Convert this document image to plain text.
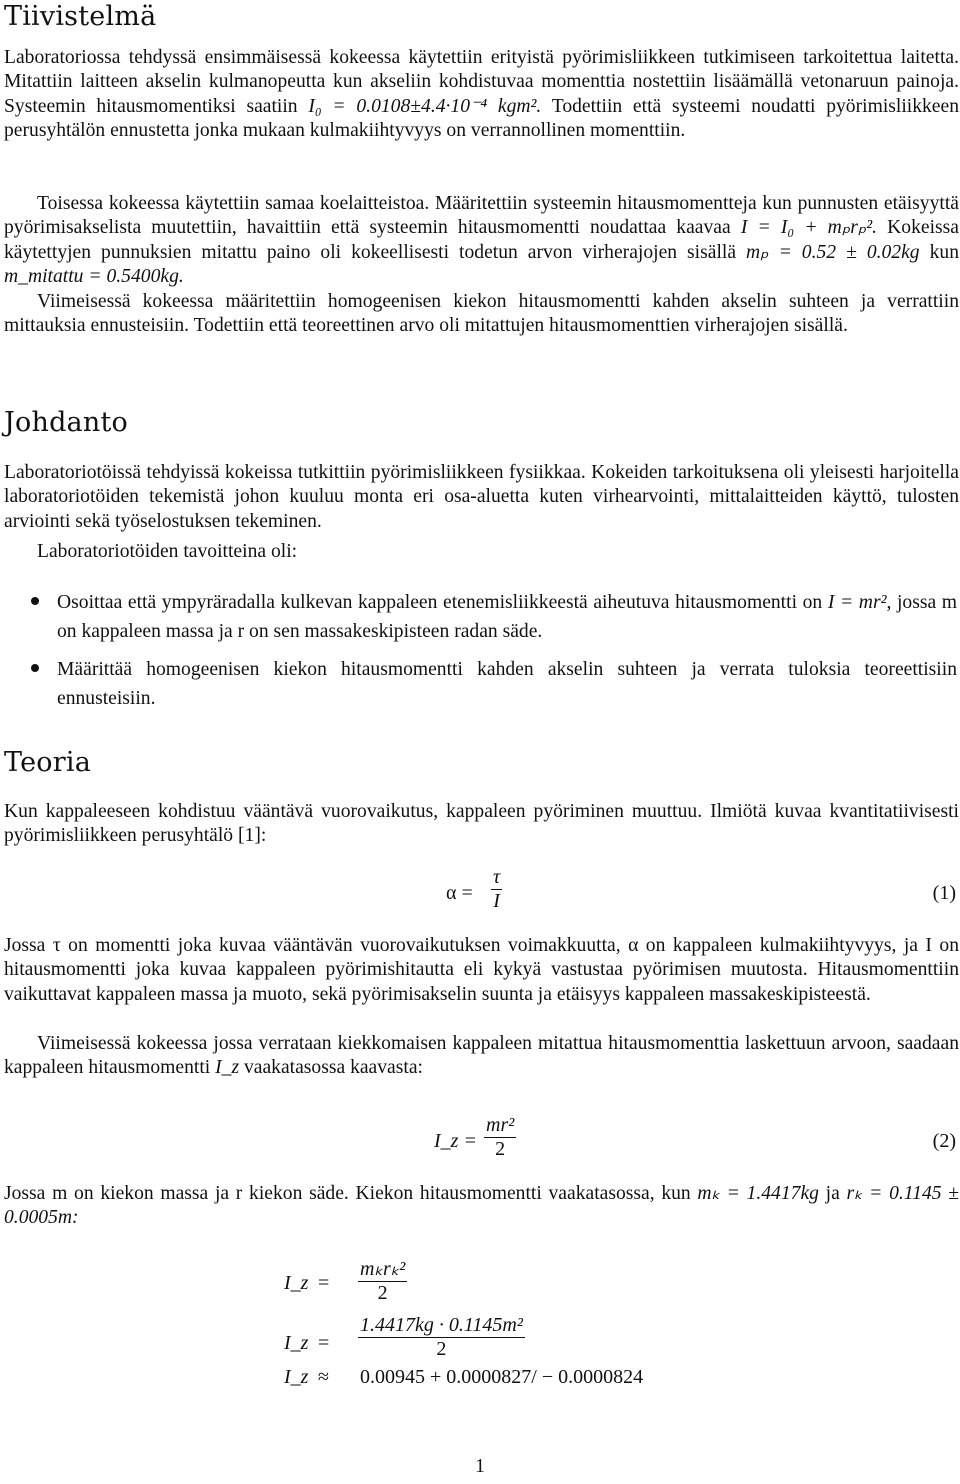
Tiivistelmä

Laboratoriossa tehdyssä ensimmäisessä kokeessa käytettiin erityistä pyörimisliikkeen tutkimiseen tarkoitettua laitetta. Mitattiin laitteen akselin kulmanopeutta kun akseliin kohdistuvaa momenttia nostettiin lisäämällä vetonaruun painoja. Systeemin hitausmomentiksi saatiin I₀ = 0.0108±4.4·10⁻⁴ kgm². Todettiin että systeemi noudatti pyörimisliikkeen perusyhtälön ennustetta jonka mukaan kulmakiihtyvyys on verrannollinen momenttiin.

Toisessa kokeessa käytettiin samaa koelaitteistoa. Määritettiin systeemin hitausmomentteja kun punnusten etäisyyttä pyörimisakselista muutettiin, havaittiin että systeemin hitausmomentti noudattaa kaavaa I = I₀ + mₚrₚ². Kokeissa käytettyjen punnuksien mitattu paino oli kokeellisesti todetun arvon virherajojen sisällä mₚ = 0.52 ± 0.02kg kun m_mitattu = 0.5400kg.

Viimeisessä kokeessa määritettiin homogeenisen kiekon hitausmomentti kahden akselin suhteen ja verrattiin mittauksia ennusteisiin. Todettiin että teoreettinen arvo oli mitattujen hitausmomenttien virherajojen sisällä.

Johdanto

Laboratoriotöissä tehdyissä kokeissa tutkittiin pyörimisliikkeen fysiikkaa. Kokeiden tarkoituksena oli yleisesti harjoitella laboratoriotöiden tekemistä johon kuuluu monta eri osa-aluetta kuten virhearvointi, mittalaitteiden käyttö, tulosten arviointi sekä työselostuksen tekeminen.

Laboratoriotöiden tavoitteina oli:

Osoittaa että ympyräradalla kulkevan kappaleen etenemisliikkeestä aiheutuva hitausmomentti on I = mr², jossa m on kappaleen massa ja r on sen massakeskipisteen radan säde.
Määrittää homogeenisen kiekon hitausmomentti kahden akselin suhteen ja verrata tuloksia teoreettisiin ennusteisiin.
Teoria

Kun kappaleeseen kohdistuu vääntävä vuorovaikutus, kappaleen pyöriminen muuttuu. Ilmiötä kuvaa kvantitatiivisesti pyörimisliikkeen perusyhtälö [1]:

$\alpha = \frac{\tau}{I}$	(1)

Jossa τ on momentti joka kuvaa vääntävän vuorovaikutuksen voimakkuutta, α on kappaleen kulmakiihtyvyys, ja I on hitausmomentti joka kuvaa kappaleen pyörimishitautta eli kykyä vastustaa pyörimisen muutosta. Hitausmomenttiin vaikuttavat kappaleen massa ja muoto, sekä pyörimisakselin suunta ja etäisyys kappaleen massakeskipisteestä.

Viimeisessä kokeessa jossa verrataan kiekkomaisen kappaleen mitattua hitausmomenttia laskettuun arvoon, saadaan kappaleen hitausmomentti I_z vaakatasossa kaavasta:

I_z = $\frac{\text{mr²}}{2}$	(2)

Jossa m on kiekon massa ja r kiekon säde. Kiekon hitausmomentti vaakatasossa, kun mₖ = 1.4417kg ja rₖ = 0.1145 ± 0.0005m:

I_z =
mₖrₖ²
2
I_z = $\frac{\text{1.4417kg · 0.1145m²}}{2}$
I_z ≈ 0.00945 + 0.0000827/ − 0.0000824
1
